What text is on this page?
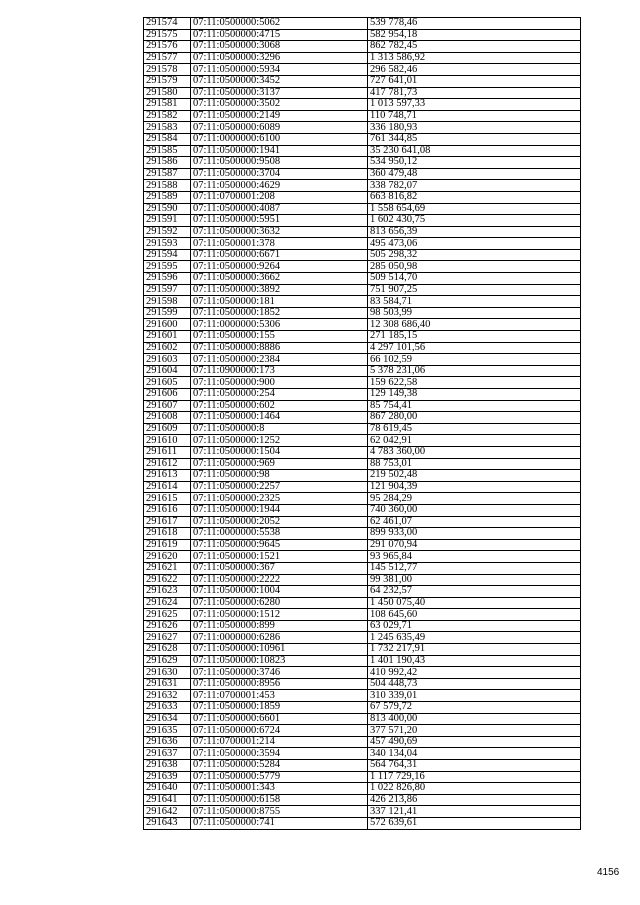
291574	07:11:0500000:5062	539 778,46
291575	07:11:0500000:4715	582 954,18
291576	07:11:0500000:3068	862 782,45
291577	07:11:0500000:3296	1 313 586,92
291578	07:11:0500000:5934	296 582,46
291579	07:11:0500000:3452	727 641,01
291580	07:11:0500000:3137	417 781,73
291581	07:11:0500000:3502	1 013 597,33
291582	07:11:0500000:2149	110 748,71
291583	07:11:0500000:6089	336 180,93
291584	07:11:0000000:6100	761 344,85
291585	07:11:0500000:1941	35 230 641,08
291586	07:11:0500000:9508	534 950,12
291587	07:11:0500000:3704	360 479,48
291588	07:11:0500000:4629	338 782,07
291589	07:11:0700001:208	663 816,82
291590	07:11:0500000:4087	1 558 654,69
291591	07:11:0500000:5951	1 602 430,75
291592	07:11:0500000:3632	813 656,39
291593	07:11:0500001:378	495 473,06
291594	07:11:0500000:6671	505 298,32
291595	07:11:0500000:9264	285 050,98
291596	07:11:0500000:3662	509 514,70
291597	07:11:0500000:3892	751 907,25
291598	07:11:0500000:181	83 584,71
291599	07:11:0500000:1852	98 503,99
291600	07:11:0000000:5306	12 308 686,40
291601	07:11:0500000:155	271 185,15
291602	07:11:0500000:8886	4 297 101,56
291603	07:11:0500000:2384	66 102,59
291604	07:11:0900000:173	5 378 231,06
291605	07:11:0500000:900	159 622,58
291606	07:11:0500000:254	129 149,38
291607	07:11:0500000:602	85 754,41
291608	07:11:0500000:1464	867 280,00
291609	07:11:0500000:8	78 619,45
291610	07:11:0500000:1252	62 042,91
291611	07:11:0500000:1504	4 783 360,00
291612	07:11:0500000:969	88 753,01
291613	07:11:0500000:98	219 502,48
291614	07:11:0500000:2257	121 904,39
291615	07:11:0500000:2325	95 284,29
291616	07:11:0500000:1944	740 360,00
291617	07:11:0500000:2052	62 461,07
291618	07:11:0000000:5538	899 933,00
291619	07:11:0500000:9645	291 070,94
291620	07:11:0500000:1521	93 965,84
291621	07:11:0500000:367	145 512,77
291622	07:11:0500000:2222	99 381,00
291623	07:11:0500000:1004	64 232,57
291624	07:11:0500000:6280	1 450 075,40
291625	07:11:0500000:1512	108 645,60
291626	07:11:0500000:899	63 029,71
291627	07:11:0000000:6286	1 245 635,49
291628	07:11:0500000:10961	1 732 217,91
291629	07:11:0500000:10823	1 401 190,43
291630	07:11:0500000:3746	410 992,42
291631	07:11:0500000:8956	504 448,73
291632	07:11:0700001:453	310 339,01
291633	07:11:0500000:1859	67 579,72
291634	07:11:0500000:6601	813 400,00
291635	07:11:0500000:6724	377 571,20
291636	07:11:0700001:214	457 490,69
291637	07:11:0500000:3594	340 134,04
291638	07:11:0500000:5284	564 764,31
291639	07:11:0500000:5779	1 117 729,16
291640	07:11:0500001:343	1 022 826,80
291641	07:11:0500000:6158	426 213,86
291642	07:11:0500000:8755	337 121,41
291643	07:11:0500000:741	572 639,61
4156
